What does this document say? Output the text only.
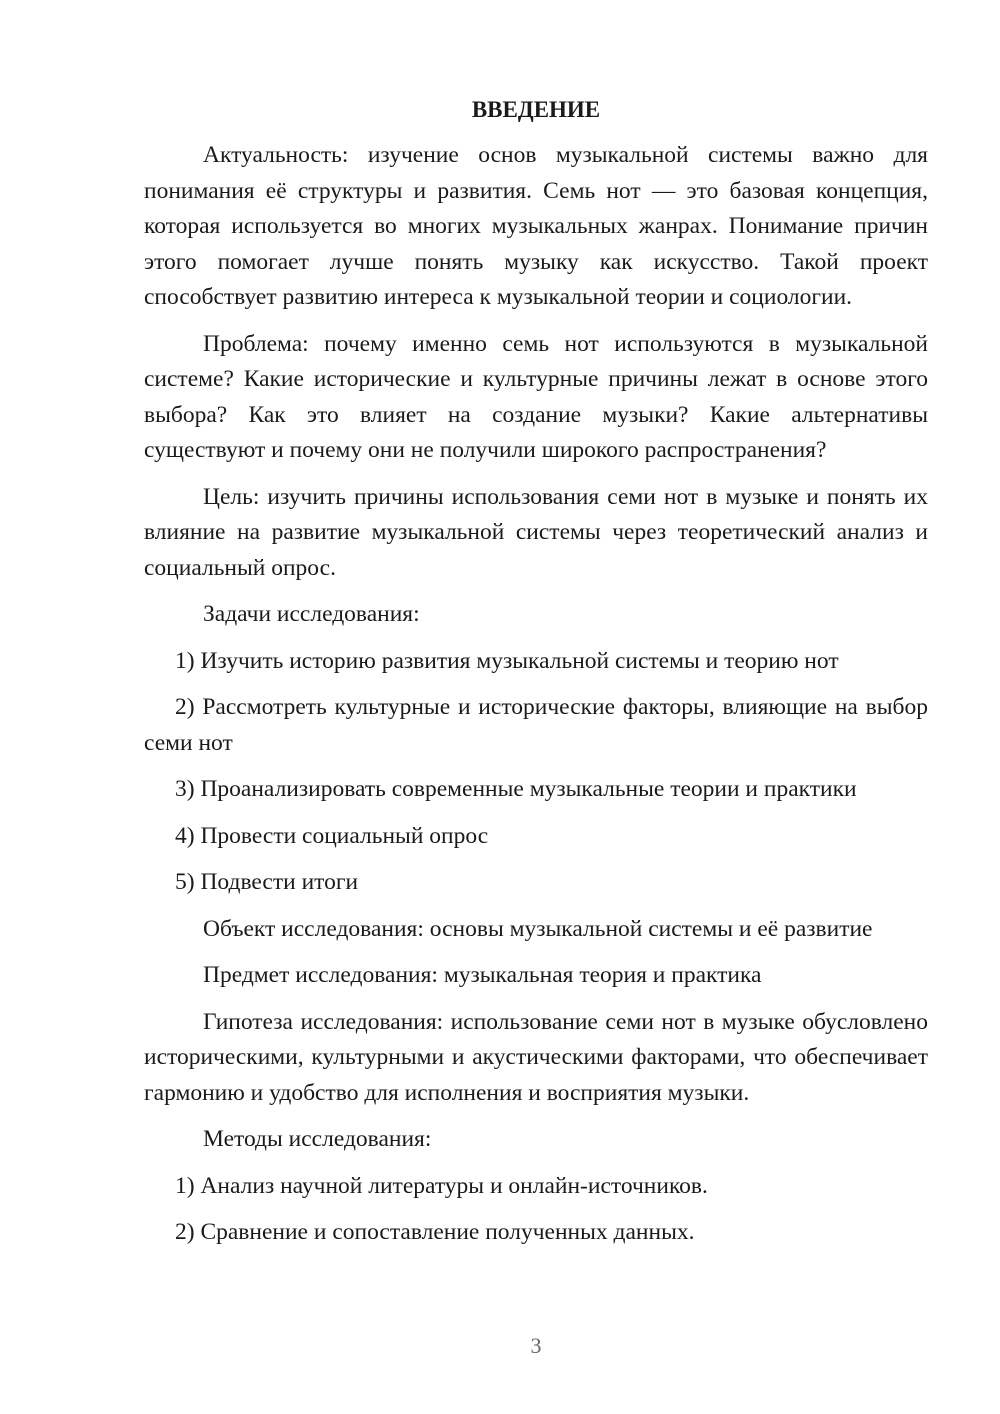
ВВЕДЕНИЕ

Актуальность: изучение основ музыкальной системы важно для понимания её структуры и развития. Семь нот — это базовая концепция, которая используется во многих музыкальных жанрах. Понимание причин этого помогает лучше понять музыку как искусство. Такой проект способствует развитию интереса к музыкальной теории и социологии.

Проблема: почему именно семь нот используются в музыкальной системе? Какие исторические и культурные причины лежат в основе этого выбора? Как это влияет на создание музыки? Какие альтернативы существуют и почему они не получили широкого распространения?

Цель: изучить причины использования семи нот в музыке и понять их влияние на развитие музыкальной системы через теоретический анализ и социальный опрос.

Задачи исследования:

1) Изучить историю развития музыкальной системы и теорию нот

2) Рассмотреть культурные и исторические факторы, влияющие на выбор семи нот

3) Проанализировать современные музыкальные теории и практики

4) Провести социальный опрос

5) Подвести итоги

Объект исследования: основы музыкальной системы и её развитие

Предмет исследования: музыкальная теория и практика

Гипотеза исследования: использование семи нот в музыке обусловлено историческими, культурными и акустическими факторами, что обеспечивает гармонию и удобство для исполнения и восприятия музыки.

Методы исследования:

1) Анализ научной литературы и онлайн-источников.

2) Сравнение и сопоставление полученных данных.

3
